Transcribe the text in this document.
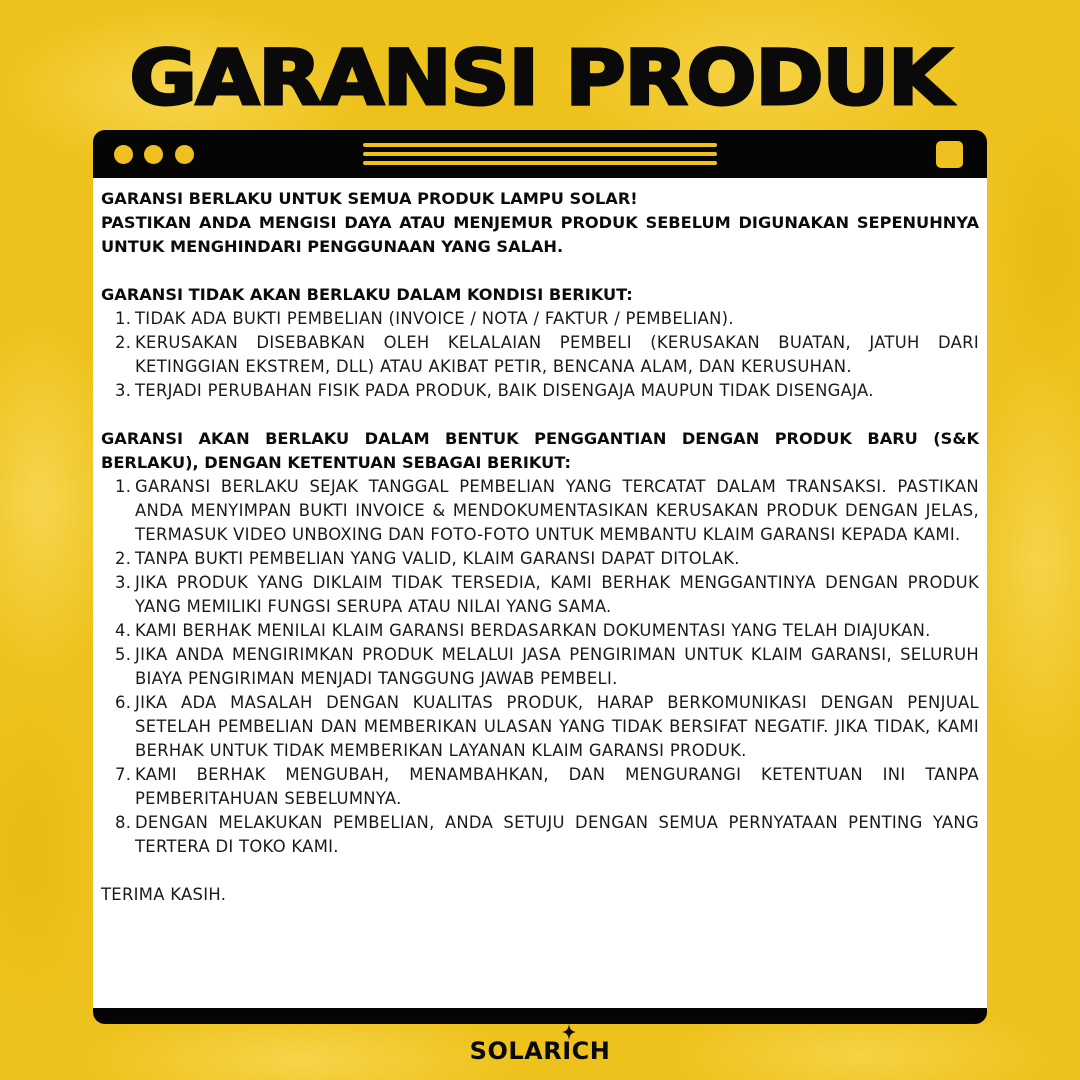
GARANSI PRODUK
GARANSI BERLAKU UNTUK SEMUA PRODUK LAMPU SOLAR!
PASTIKAN ANDA MENGISI DAYA ATAU MENJEMUR PRODUK SEBELUM DIGUNAKAN SEPENUHNYA UNTUK MENGHINDARI PENGGUNAAN YANG SALAH.
GARANSI TIDAK AKAN BERLAKU DALAM KONDISI BERIKUT:
1. TIDAK ADA BUKTI PEMBELIAN (INVOICE / NOTA / FAKTUR / PEMBELIAN).
2. KERUSAKAN DISEBABKAN OLEH KELALAIAN PEMBELI (KERUSAKAN BUATAN, JATUH DARI KETINGGIAN EKSTREM, DLL) ATAU AKIBAT PETIR, BENCANA ALAM, DAN KERUSUHAN.
3. TERJADI PERUBAHAN FISIK PADA PRODUK, BAIK DISENGAJA MAUPUN TIDAK DISENGAJA.
GARANSI AKAN BERLAKU DALAM BENTUK PENGGANTIAN DENGAN PRODUK BARU (S&K BERLAKU), DENGAN KETENTUAN SEBAGAI BERIKUT:
1. GARANSI BERLAKU SEJAK TANGGAL PEMBELIAN YANG TERCATAT DALAM TRANSAKSI. PASTIKAN ANDA MENYIMPAN BUKTI INVOICE & MENDOKUMENTASIKAN KERUSAKAN PRODUK DENGAN JELAS, TERMASUK VIDEO UNBOXING DAN FOTO-FOTO UNTUK MEMBANTU KLAIM GARANSI KEPADA KAMI.
2. TANPA BUKTI PEMBELIAN YANG VALID, KLAIM GARANSI DAPAT DITOLAK.
3. JIKA PRODUK YANG DIKLAIM TIDAK TERSEDIA, KAMI BERHAK MENGGANTINYA DENGAN PRODUK YANG MEMILIKI FUNGSI SERUPA ATAU NILAI YANG SAMA.
4. KAMI BERHAK MENILAI KLAIM GARANSI BERDASARKAN DOKUMENTASI YANG TELAH DIAJUKAN.
5. JIKA ANDA MENGIRIMKAN PRODUK MELALUI JASA PENGIRIMAN UNTUK KLAIM GARANSI, SELURUH BIAYA PENGIRIMAN MENJADI TANGGUNG JAWAB PEMBELI.
6. JIKA ADA MASALAH DENGAN KUALITAS PRODUK, HARAP BERKOMUNIKASI DENGAN PENJUAL SETELAH PEMBELIAN DAN MEMBERIKAN ULASAN YANG TIDAK BERSIFAT NEGATIF. JIKA TIDAK, KAMI BERHAK UNTUK TIDAK MEMBERIKAN LAYANAN KLAIM GARANSI PRODUK.
7. KAMI BERHAK MENGUBAH, MENAMBAHKAN, DAN MENGURANGI KETENTUAN INI TANPA PEMBERITAHUAN SEBELUMNYA.
8. DENGAN MELAKUKAN PEMBELIAN, ANDA SETUJU DENGAN SEMUA PERNYATAAN PENTING YANG TERTERA DI TOKO KAMI.
TERIMA KASIH.
SOLARICH
